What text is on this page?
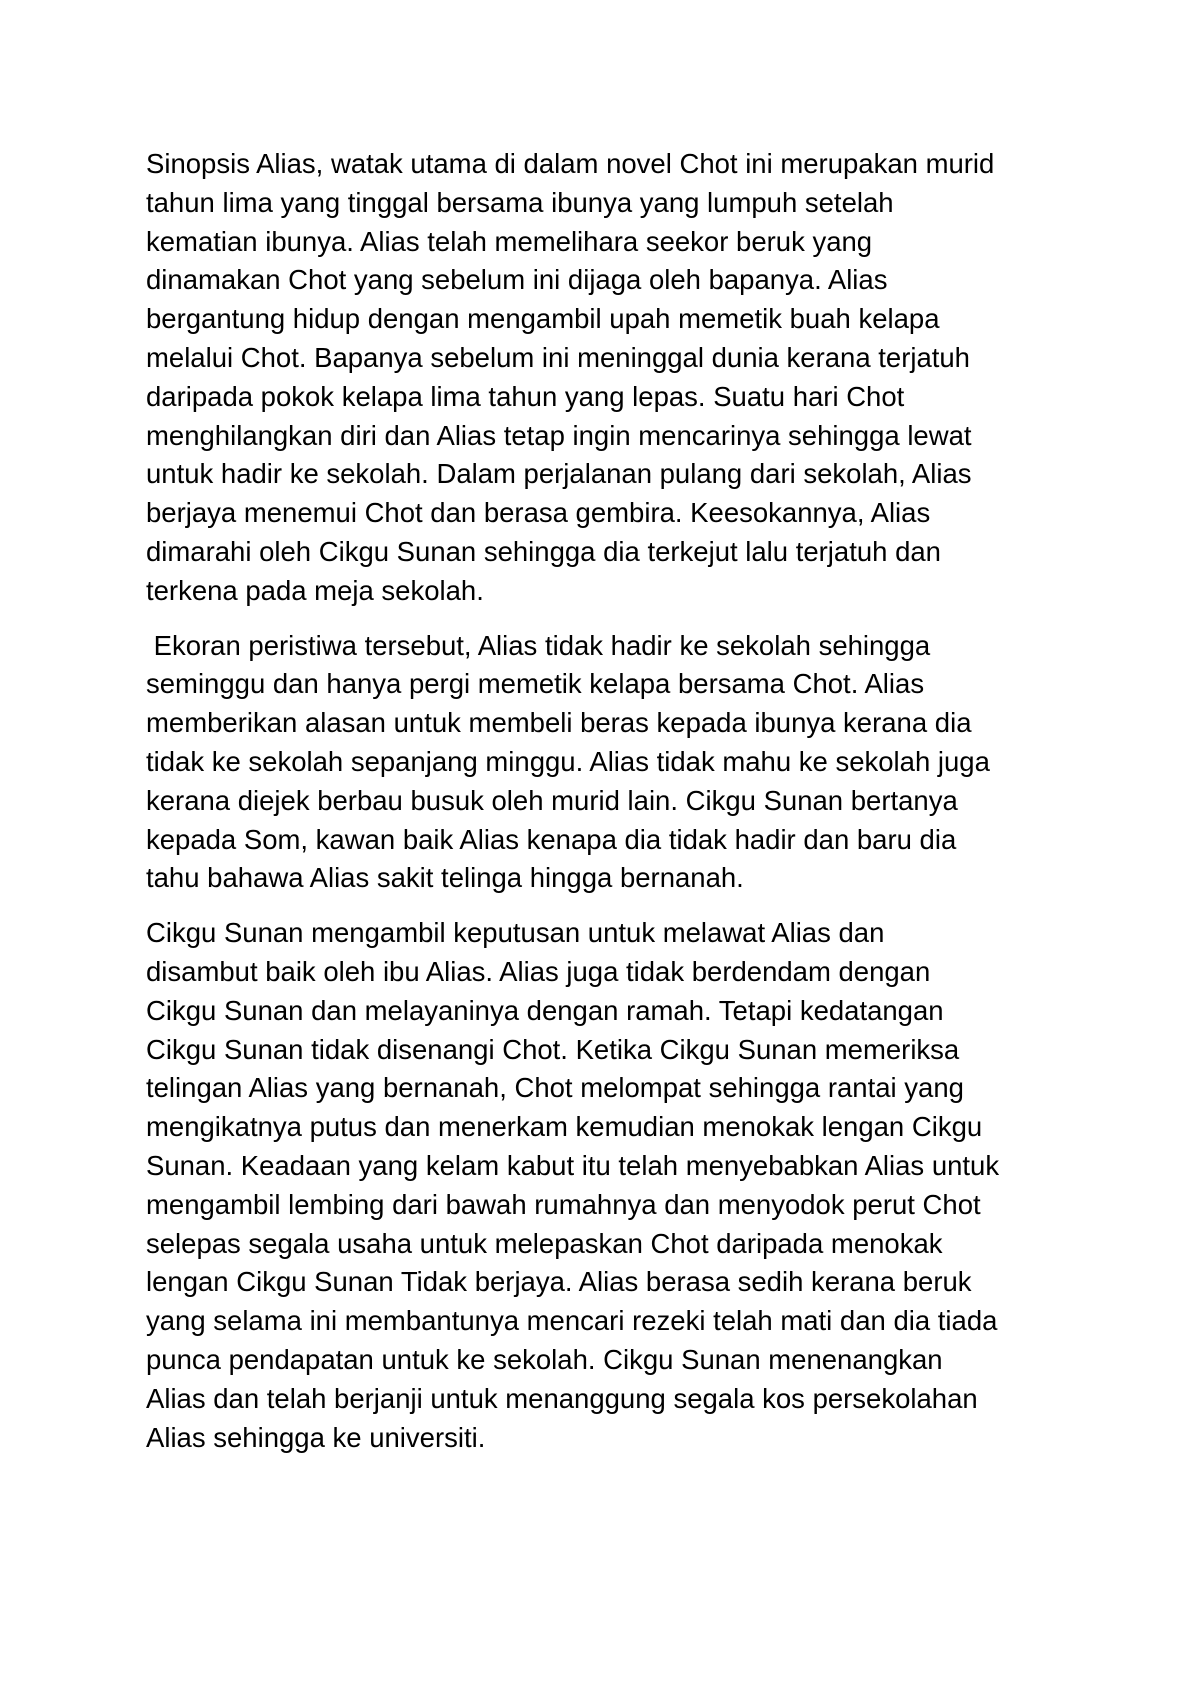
Sinopsis Alias, watak utama di dalam novel Chot ini merupakan murid
tahun lima yang tinggal bersama ibunya yang lumpuh setelah
kematian ibunya. Alias telah memelihara seekor beruk yang
dinamakan Chot yang sebelum ini dijaga oleh bapanya. Alias
bergantung hidup dengan mengambil upah memetik buah kelapa
melalui Chot. Bapanya sebelum ini meninggal dunia kerana terjatuh
daripada pokok kelapa lima tahun yang lepas. Suatu hari Chot
menghilangkan diri dan Alias tetap ingin mencarinya sehingga lewat
untuk hadir ke sekolah. Dalam perjalanan pulang dari sekolah, Alias
berjaya menemui Chot dan berasa gembira. Keesokannya, Alias
dimarahi oleh Cikgu Sunan sehingga dia terkejut lalu terjatuh dan
terkena pada meja sekolah.

Ekoran peristiwa tersebut, Alias tidak hadir ke sekolah sehingga
seminggu dan hanya pergi memetik kelapa bersama Chot. Alias
memberikan alasan untuk membeli beras kepada ibunya kerana dia
tidak ke sekolah sepanjang minggu. Alias tidak mahu ke sekolah juga
kerana diejek berbau busuk oleh murid lain. Cikgu Sunan bertanya
kepada Som, kawan baik Alias kenapa dia tidak hadir dan baru dia
tahu bahawa Alias sakit telinga hingga bernanah.

Cikgu Sunan mengambil keputusan untuk melawat Alias dan
disambut baik oleh ibu Alias. Alias juga tidak berdendam dengan
Cikgu Sunan dan melayaninya dengan ramah. Tetapi kedatangan
Cikgu Sunan tidak disenangi Chot. Ketika Cikgu Sunan memeriksa
telingan Alias yang bernanah, Chot melompat sehingga rantai yang
mengikatnya putus dan menerkam kemudian menokak lengan Cikgu
Sunan. Keadaan yang kelam kabut itu telah menyebabkan Alias untuk
mengambil lembing dari bawah rumahnya dan menyodok perut Chot
selepas segala usaha untuk melepaskan Chot daripada menokak
lengan Cikgu Sunan Tidak berjaya. Alias berasa sedih kerana beruk
yang selama ini membantunya mencari rezeki telah mati dan dia tiada
punca pendapatan untuk ke sekolah. Cikgu Sunan menenangkan
Alias dan telah berjanji untuk menanggung segala kos persekolahan
Alias sehingga ke universiti.
